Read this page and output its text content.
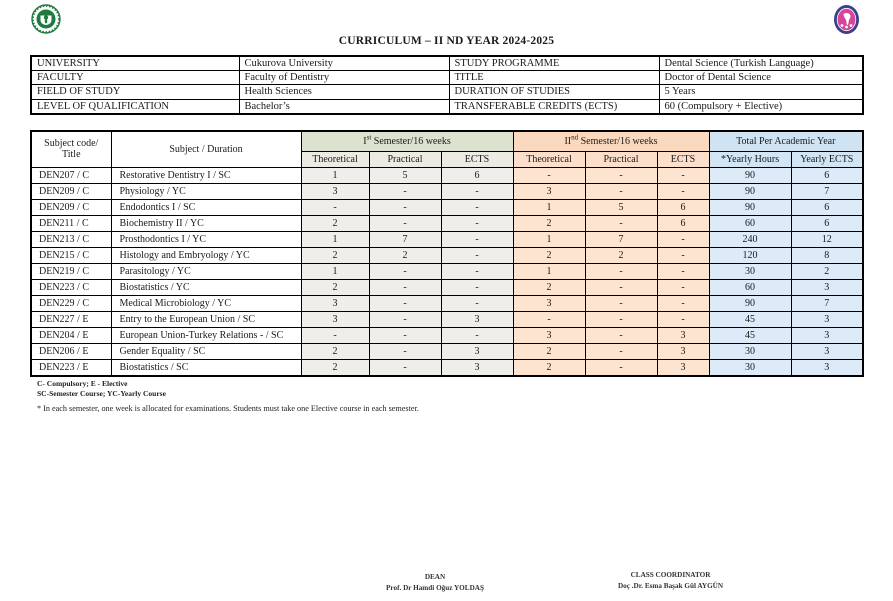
CURRICULUM – II ND YEAR 2024-2025
UNIVERSITY	Cukurova University	STUDY PROGRAMME	Dental Science (Turkish Language)
FACULTY	Faculty of Dentistry	TITLE	Doctor of Dental Science
FIELD OF STUDY	Health Sciences	DURATION OF STUDIES	5 Years
LEVEL OF QUALIFICATION	Bachelor’s	TRANSFERABLE CREDITS (ECTS)	60 (Compulsory + Elective)
Subject code/
Title	Subject / Duration	Ist Semester/16 weeks			IInd Semester/16 weeks			Total Per Academic Year	
		Theoretical	Practical	ECTS	Theoretical	Practical	ECTS	*Yearly Hours	Yearly ECTS
DEN207 / C	Restorative Dentistry I / SC	1	5	6	-	-	-	90	6
DEN209 / C	Physiology / YC	3	-	-	3	-	-	90	7
DEN209 / C	Endodontics I / SC	-	-	-	1	5	6	90	6
DEN211 / C	Biochemistry II / YC	2	-	-	2	-	6	60	6
DEN213 / C	Prosthodontics I / YC	1	7	-	1	7	-	240	12
DEN215 / C	Histology and Embryology / YC	2	2	-	2	2	-	120	8
DEN219 / C	Parasitology / YC	1	-	-	1	-	-	30	2
DEN223 / C	Biostatistics / YC	2	-	-	2	-	-	60	3
DEN229 / C	Medical Microbiology / YC	3	-	-	3	-	-	90	7
DEN227 / E	Entry to the European Union / SC	3	-	3	-	-	-	45	3
DEN204 / E	European Union-Turkey Relations - / SC	-	-	-	3	-	3	45	3
DEN206 / E	Gender Equality / SC	2	-	3	2	-	3	30	3
DEN223 / E	Biostatistics / SC	2	-	3	2	-	3	30	3
C- Compulsory; E - Elective
SC-Semester Course; YC-Yearly Course
* In each semester, one week is allocated for examinations. Students must take one Elective course in each semester.
DEAN
Prof. Dr Hamdi Oğuz YOLDAŞ
CLASS COORDINATOR
Doç .Dr. Esma Başak Gül AYGÜN
